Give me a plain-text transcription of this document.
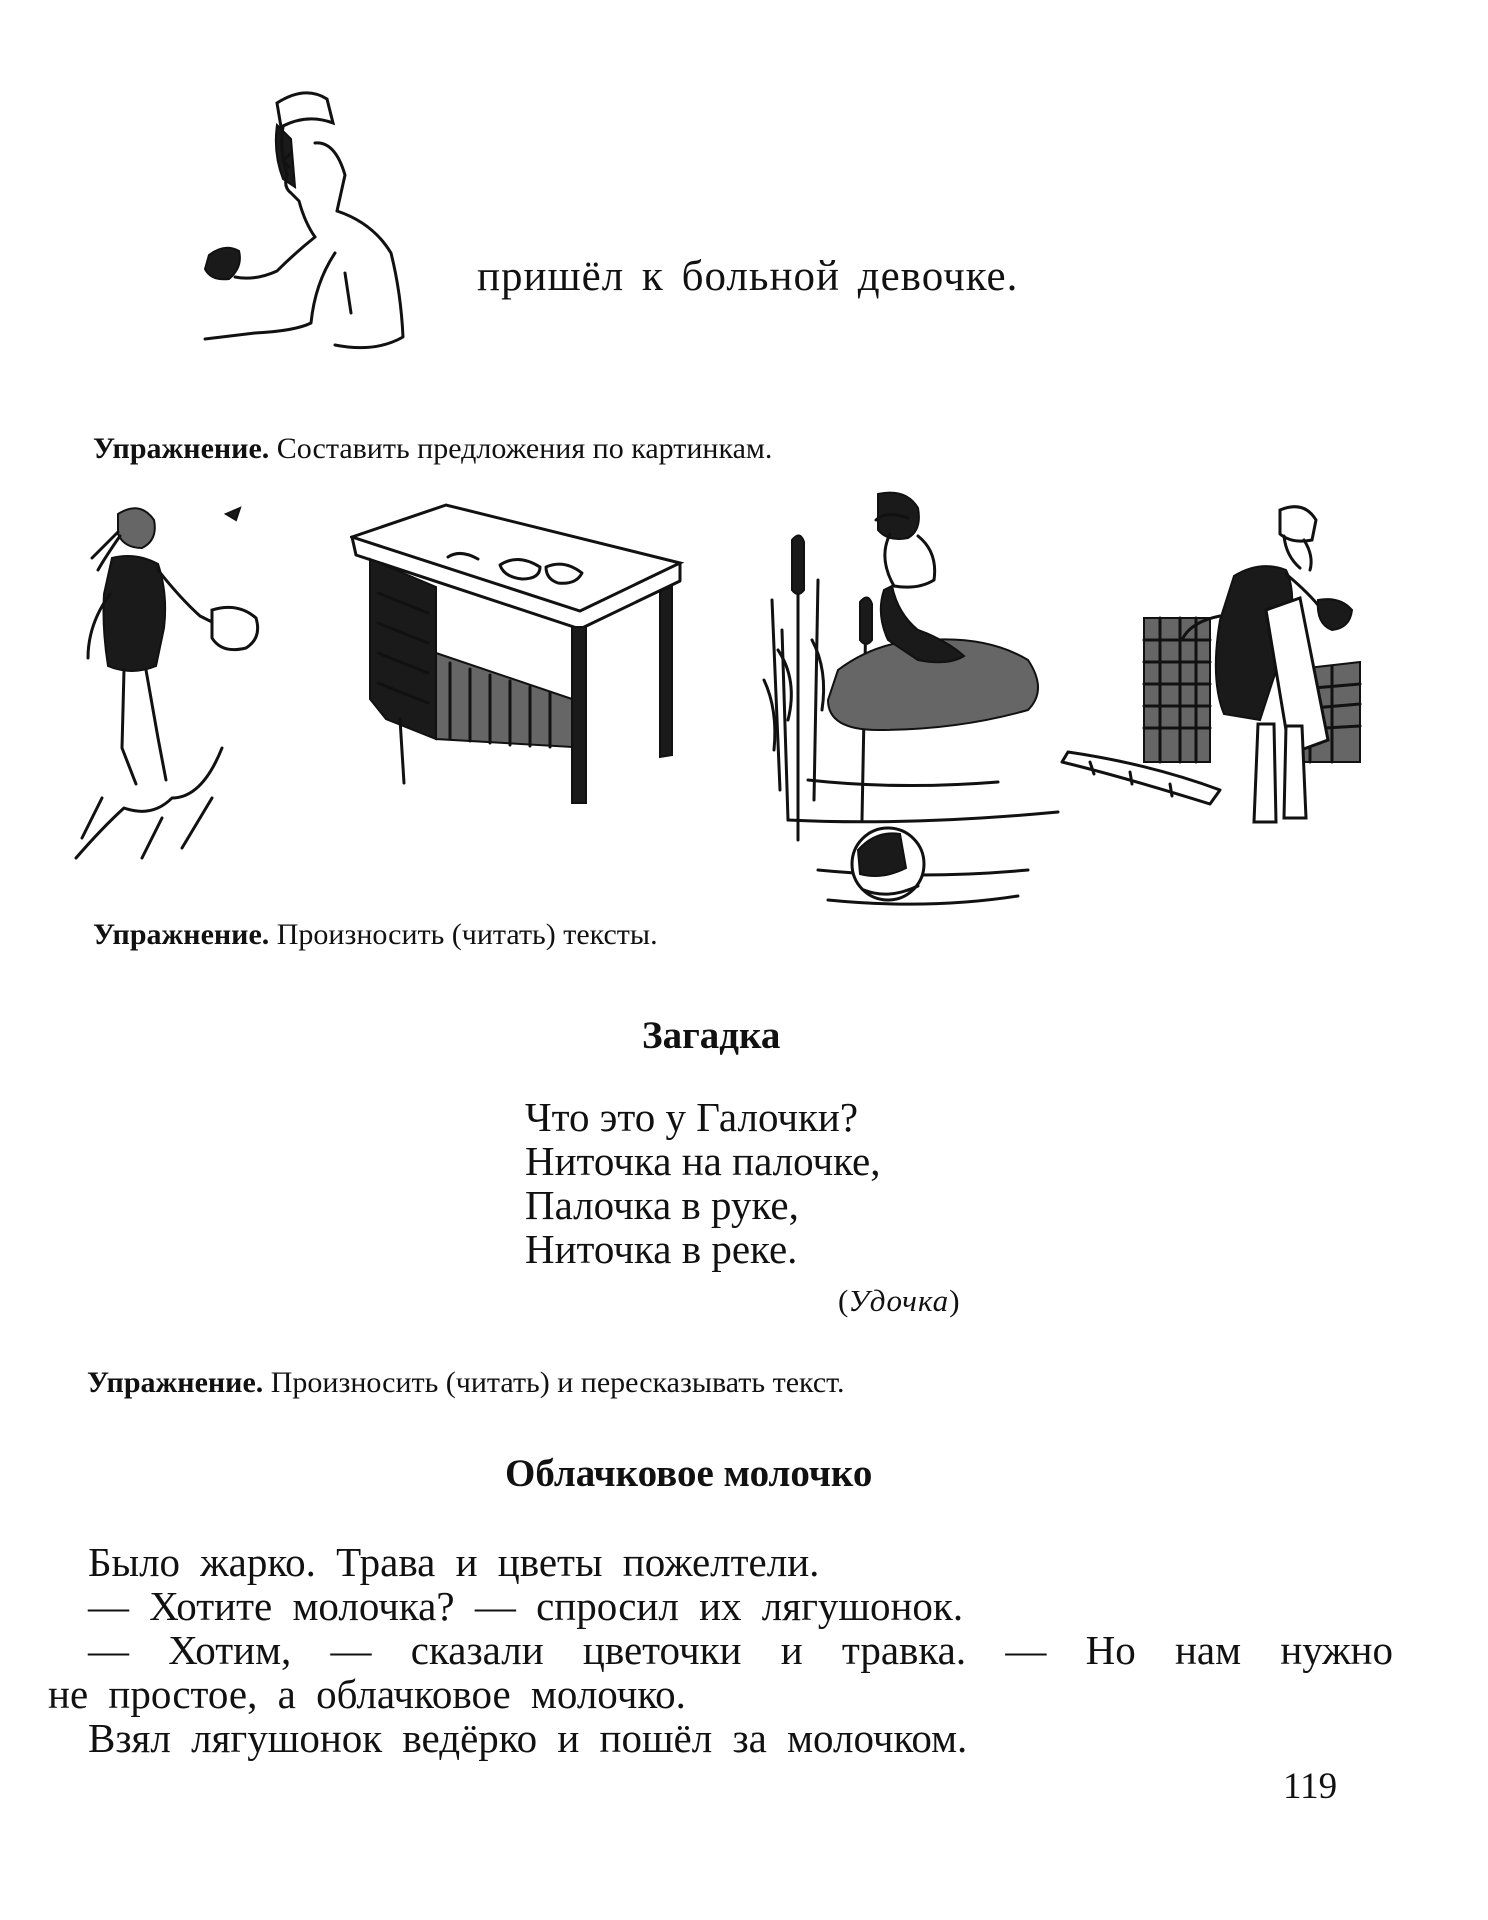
пришёл к больной девочке.
Упражнение. Составить предложения по картинкам.
Упражнение. Произносить (читать) тексты.
Загадка
Что это у Галочки?
Ниточка на палочке,
Палочка в руке,
Ниточка в реке.
(Удочка)
Упражнение. Произносить (читать) и пересказывать текст.
Облачковое молочко

Было жарко. Трава и цветы пожелтели.

— Хотите молочка? — спросил их лягушонок.

— Хотим, — сказали цветочки и травка. — Но нам нужно

не простое, а облачковое молочко.

Взял лягушонок ведёрко и пошёл за молочком.

119
